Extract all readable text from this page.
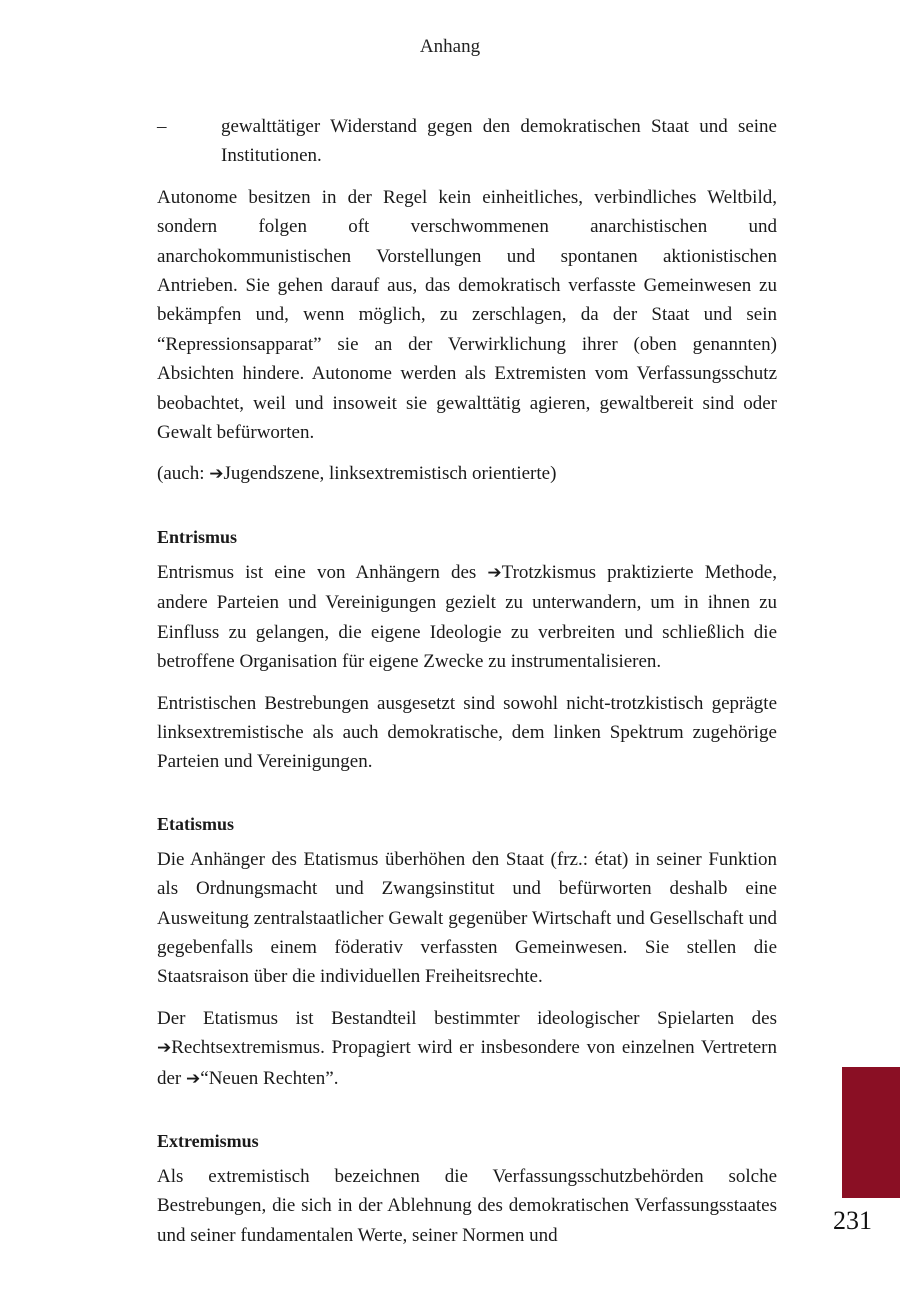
Anhang
–	gewalttätiger Widerstand gegen den demokratischen Staat und seine Institutionen.

Autonome besitzen in der Regel kein einheitliches, verbindliches Weltbild, sondern folgen oft verschwommenen anarchistischen und anarchokommunistischen Vorstellungen und spontanen aktionistischen Antrieben. Sie gehen darauf aus, das demokratisch verfasste Gemeinwesen zu bekämpfen und, wenn möglich, zu zerschlagen, da der Staat und sein “Repressionsapparat” sie an der Verwirklichung ihrer (oben genannten) Absichten hindere. Autonome werden als Extremisten vom Verfassungsschutz beobachtet, weil und insoweit sie gewalttätig agieren, gewaltbereit sind oder Gewalt befürworten.

(auch: ➔Jugendszene, linksextremistisch orientierte)

Entrismus

Entrismus ist eine von Anhängern des ➔Trotzkismus praktizierte Methode, andere Parteien und Vereinigungen gezielt zu unterwandern, um in ihnen zu Einfluss zu gelangen, die eigene Ideologie zu verbreiten und schließlich die betroffene Organisation für eigene Zwecke zu instrumentalisieren.

Entristischen Bestrebungen ausgesetzt sind sowohl nicht-trotzkistisch geprägte linksextremistische als auch demokratische, dem linken Spektrum zugehörige Parteien und Vereinigungen.

Etatismus

Die Anhänger des Etatismus überhöhen den Staat (frz.: état) in seiner Funktion als Ordnungsmacht und Zwangsinstitut und befürworten deshalb eine Ausweitung zentralstaatlicher Gewalt gegenüber Wirtschaft und Gesellschaft und gegebenfalls einem föderativ verfassten Gemeinwesen. Sie stellen die Staatsraison über die individuellen Freiheitsrechte.

Der Etatismus ist Bestandteil bestimmter ideologischer Spielarten des ➔Rechtsextremismus. Propagiert wird er insbesondere von einzelnen Vertretern der ➔“Neuen Rechten”.

Extremismus

Als extremistisch bezeichnen die Verfassungsschutzbehörden solche Bestrebungen, die sich in der Ablehnung des demokratischen Verfassungsstaates und seiner fundamentalen Werte, seiner Normen und

231
